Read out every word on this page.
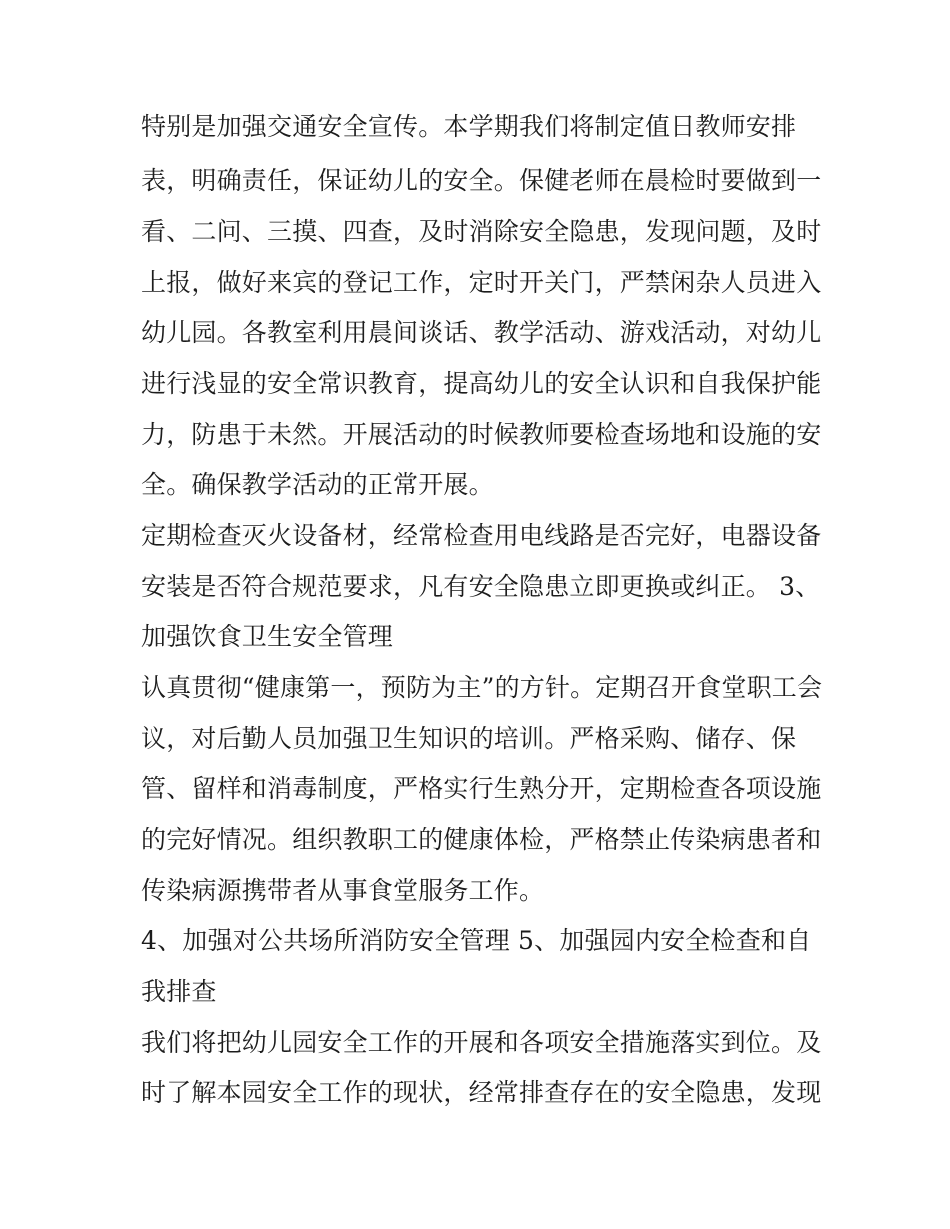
特别是加强交通安全宣传。本学期我们将制定值日教师安排
表，明确责任，保证幼儿的安全。保健老师在晨检时要做到一
看、二问、三摸、四查，及时消除安全隐患，发现问题，及时
上报，做好来宾的登记工作，定时开关门，严禁闲杂人员进入
幼儿园。各教室利用晨间谈话、教学活动、游戏活动，对幼儿
进行浅显的安全常识教育，提高幼儿的安全认识和自我保护能
力，防患于未然。开展活动的时候教师要检查场地和设施的安
全。确保教学活动的正常开展。
定期检查灭火设备材，经常检查用电线路是否完好，电器设备
安装是否符合规范要求，凡有安全隐患立即更换或纠正。 3、
加强饮食卫生安全管理
认真贯彻“健康第一，预防为主”的方针。定期召开食堂职工会
议，对后勤人员加强卫生知识的培训。严格采购、储存、保
管、留样和消毒制度，严格实行生熟分开，定期检查各项设施
的完好情况。组织教职工的健康体检，严格禁止传染病患者和
传染病源携带者从事食堂服务工作。
4、加强对公共场所消防安全管理 5、加强园内安全检查和自
我排查
我们将把幼儿园安全工作的开展和各项安全措施落实到位。及
时了解本园安全工作的现状，经常排查存在的安全隐患，发现
